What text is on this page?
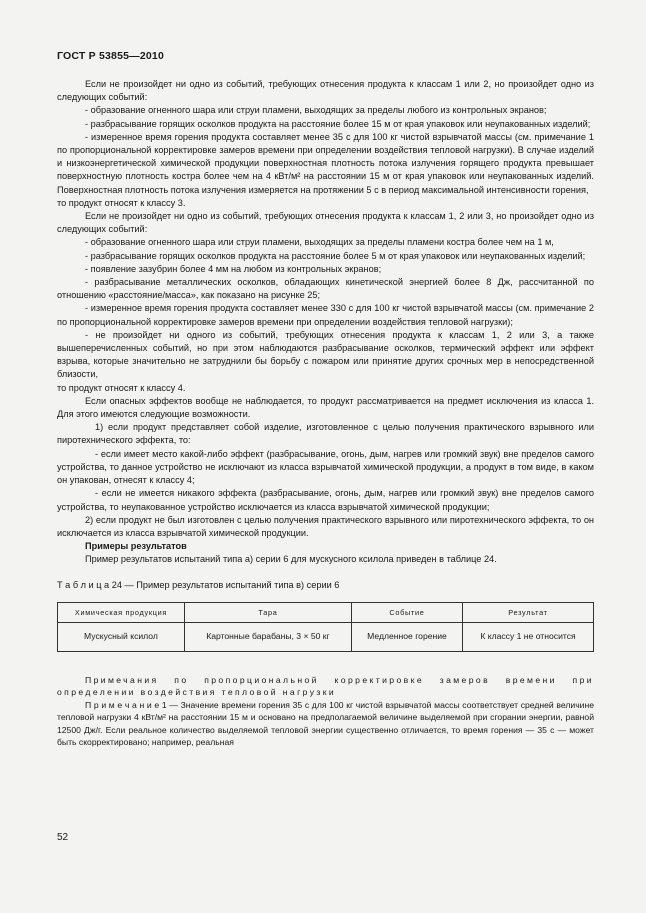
ГОСТ Р 53855—2010

Если не произойдет ни одно из событий, требующих отнесения продукта к классам 1 или 2, но произойдет одно из следующих событий:

- образование огненного шара или струи пламени, выходящих за пределы любого из контрольных экранов;

- разбрасывание горящих осколков продукта на расстояние более 15 м от края упаковок или неупакованных изделий;

- измеренное время горения продукта составляет менее 35 с для 100 кг чистой взрывчатой массы (см. примечание 1 по пропорциональной корректировке замеров времени при определении воздействия тепловой нагрузки). В случае изделий и низкоэнергетической химической продукции поверхностная плотность потока излучения горящего продукта превышает поверхностную плотность костра более чем на 4 кВт/м² на расстоянии 15 м от края упаковок или неупакованных изделий. Поверхностная плотность потока излучения измеряется на протяжении 5 с в период максимальной интенсивности горения,

то продукт относят к классу 3.

Если не произойдет ни одно из событий, требующих отнесения продукта к классам 1, 2 или 3, но произойдет одно из следующих событий:

- образование огненного шара или струи пламени, выходящих за пределы пламени костра более чем на 1 м,

- разбрасывание горящих осколков продукта на расстояние более 5 м от края упаковок или неупакованных изделий;

- появление зазубрин более 4 мм на любом из контрольных экранов;

- разбрасывание металлических осколков, обладающих кинетической энергией более 8 Дж, рассчитанной по отношению «расстояние/масса», как показано на рисунке 25;

- измеренное время горения продукта составляет менее 330 с для 100 кг чистой взрывчатой массы (см. примечание 2 по пропорциональной корректировке замеров времени при определении воздействия тепловой нагрузки);

- не произойдет ни одного из событий, требующих отнесения продукта к классам 1, 2 или 3, а также вышеперечисленных событий, но при этом наблюдаются разбрасывание осколков, термический эффект или эффект взрыва, которые значительно не затруднили бы борьбу с пожаром или принятие других срочных мер в непосредственной близости,

то продукт относят к классу 4.

Если опасных эффектов вообще не наблюдается, то продукт рассматривается на предмет исключения из класса 1. Для этого имеются следующие возможности.

1) если продукт представляет собой изделие, изготовленное с целью получения практического взрывного или пиротехнического эффекта, то:

- если имеет место какой-либо эффект (разбрасывание, огонь, дым, нагрев или громкий звук) вне пределов самого устройства, то данное устройство не исключают из класса взрывчатой химической продукции, а продукт в том виде, в каком он упакован, отнесят к классу 4;

- если не имеется никакого эффекта (разбрасывание, огонь, дым, нагрев или громкий звук) вне пределов самого устройства, то неупакованное устройство исключается из класса взрывчатой химической продукции;

2) если продукт не был изготовлен с целью получения практического взрывного или пиротехнического эффекта, то он исключается из класса взрывчатой химической продукции.

Примеры результатов

Пример результатов испытаний типа а) серии 6 для мускусного ксилола приведен в таблице 24.

Т а б л и ц а 24 — Пример результатов испытаний типа в) серии 6
Химическая продукция	Тара	Событие	Результат
Мускусный ксилол	Картонные барабаны, 3 × 50 кг	Медленное горение	К классу 1 не относится

Примечания по пропорциональной корректировке замеров времени при определении воздействия тепловой нагрузки

П р и м е ч а н и е 1 — Значение времени горения 35 с для 100 кг чистой взрывчатой массы соответствует средней величине тепловой нагрузки 4 кВт/м² на расстоянии 15 м и основано на предполагаемой величине выделяемой при сгорании энергии, равной 12500 Дж/г. Если реальное количество выделяемой тепловой энергии существенно отличается, то время горения — 35 с — может быть скорректировано; например, реальная

52
